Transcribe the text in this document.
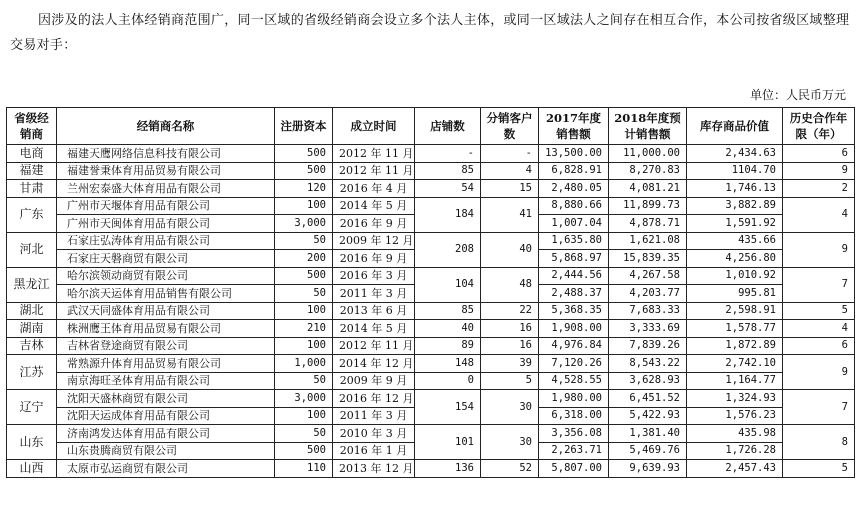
因涉及的法人主体经销商范围广，同一区域的省级经销商会设立多个法人主体，或同一区域法人之间存在相互合作，本公司按省级区域整理交易对手：

单位：人民币万元
省级经销商	经销商名称	注册资本	成立时间	店铺数	分销客户数	2017年度销售额	2018年度预计销售额	库存商品价值	历史合作年限（年）
电商	福建天鹰网络信息科技有限公司	500	2012 年 11 月	-	-	13,500.00	11,000.00	2,434.63	6
福建	福建誉秉体育用品贸易有限公司	500	2012 年 11 月	85	4	6,828.91	8,270.83	1104.70	9
甘肃	兰州宏泰盛大体育用品有限公司	120	2016 年 4 月	54	15	2,480.05	4,081.21	1,746.13	2
广东	广州市天堰体育用品有限公司	100	2014 年 5 月	184	41	8,880.66	11,899.73	3,882.89	4
	广州市天闽体育用品有限公司	3,000	2016 年 9 月			1,007.04	4,878.71	1,591.92	
河北	石家庄弘涛体育用品有限公司	50	2009 年 12 月	208	40	1,635.80	1,621.08	435.66	9
	石家庄天磐商贸有限公司	200	2016 年 9 月			5,868.97	15,839.35	4,256.80	
黑龙江	哈尔滨领动商贸有限公司	500	2016 年 3 月	104	48	2,444.56	4,267.58	1,010.92	7
	哈尔滨天运体育用品销售有限公司	50	2011 年 3 月			2,488.37	4,203.77	995.81	
湖北	武汉天同盛体育用品有限公司	100	2013 年 6 月	85	22	5,368.35	7,683.33	2,598.91	5
湖南	株洲鹰王体育用品贸易有限公司	210	2014 年 5 月	40	16	1,908.00	3,333.69	1,578.77	4
吉林	吉林省登途商贸有限公司	100	2012 年 11 月	89	16	4,976.84	7,839.26	1,872.89	6
江苏	常熟源升体育用品贸易有限公司	1,000	2014 年 12 月	148	39	7,120.26	8,543.22	2,742.10	9
	南京海旺圣体育用品有限公司	50	2009 年 9 月	0	5	4,528.55	3,628.93	1,164.77	
辽宁	沈阳天盛林商贸有限公司	3,000	2016 年 12 月	154	30	1,980.00	6,451.52	1,324.93	7
	沈阳天运成体育用品有限公司	100	2011 年 3 月			6,318.00	5,422.93	1,576.23	
山东	济南鸿发达体育用品有限公司	50	2010 年 3 月	101	30	3,356.08	1,381.40	435.98	8
	山东贵腾商贸有限公司	500	2016 年 1 月			2,263.71	5,469.76	1,726.28	
山西	太原市弘运商贸有限公司	110	2013 年 12 月	136	52	5,807.00	9,639.93	2,457.43	5
